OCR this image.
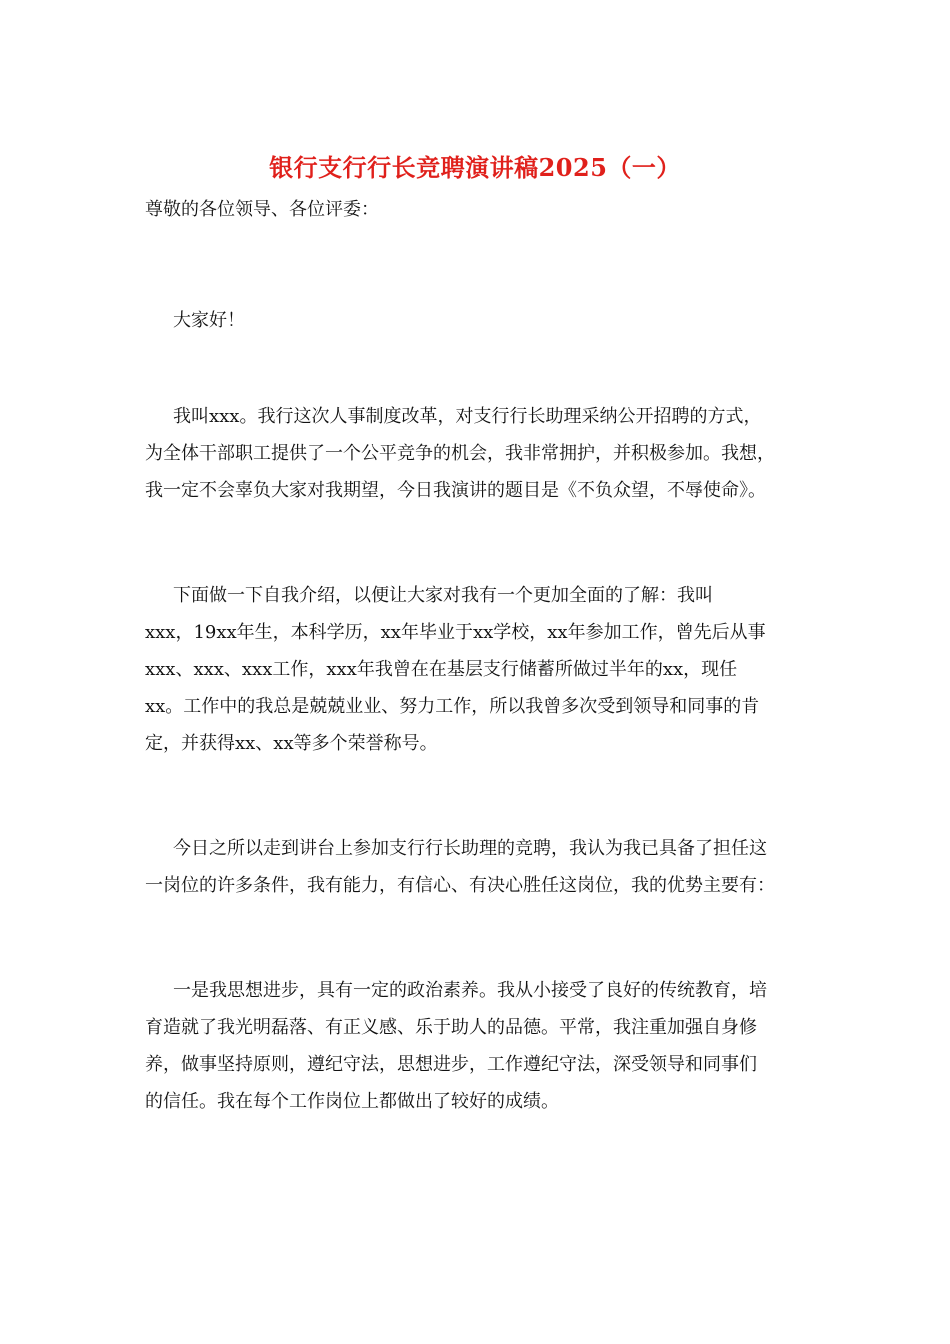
银行支行行长竞聘演讲稿2025（一）
尊敬的各位领导、各位评委：
大家好！
我叫xxx。我行这次人事制度改革，对支行行长助理采纳公开招聘的方式，
为全体干部职工提供了一个公平竞争的机会，我非常拥护，并积极参加。我想，
我一定不会辜负大家对我期望，今日我演讲的题目是《不负众望，不辱使命》。
下面做一下自我介绍，以便让大家对我有一个更加全面的了解：我叫
xxx，19xx年生，本科学历，xx年毕业于xx学校，xx年参加工作，曾先后从事
xxx、xxx、xxx工作，xxx年我曾在在基层支行储蓄所做过半年的xx，现任
xx。工作中的我总是兢兢业业、努力工作，所以我曾多次受到领导和同事的肯
定，并获得xx、xx等多个荣誉称号。
今日之所以走到讲台上参加支行行长助理的竞聘，我认为我已具备了担任这
一岗位的许多条件，我有能力，有信心、有决心胜任这岗位，我的优势主要有：
一是我思想进步，具有一定的政治素养。我从小接受了良好的传统教育，培
育造就了我光明磊落、有正义感、乐于助人的品德。平常，我注重加强自身修
养，做事坚持原则，遵纪守法，思想进步，工作遵纪守法，深受领导和同事们
的信任。我在每个工作岗位上都做出了较好的成绩。
